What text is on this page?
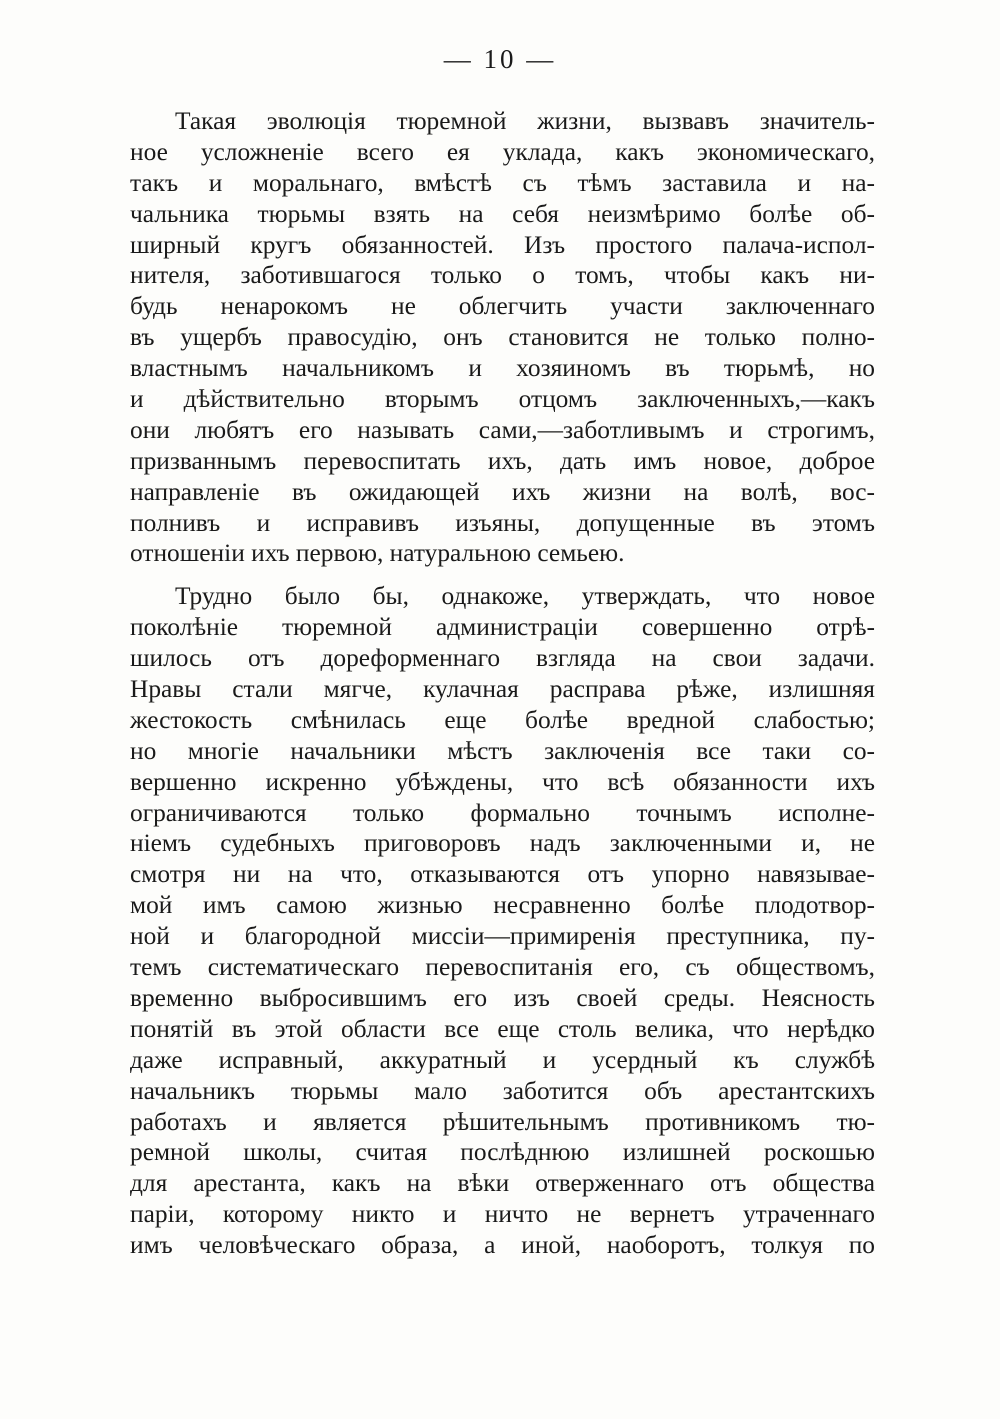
— 10 —

Такая эволюція тюремной жизни, вызвавъ значитель-
ное усложненіе всего ея уклада, какъ экономическаго,
такъ и моральнаго, вмѣстѣ съ тѣмъ заставила и на-
чальника тюрьмы взять на себя неизмѣримо болѣе об-
ширный кругъ обязанностей. Изъ простого палача-испол-
нителя, заботившагося только о томъ, чтобы какъ ни-
будь ненарокомъ не облегчить участи заключеннаго
въ ущербъ правосудію, онъ становится не только полно-
властнымъ начальникомъ и хозяиномъ въ тюрьмѣ, но
и дѣйствительно вторымъ отцомъ заключенныхъ,—какъ
они любятъ его называть сами,—заботливымъ и строгимъ,
призваннымъ перевоспитать ихъ, дать имъ новое, доброе
направленіе въ ожидающей ихъ жизни на волѣ, вос-
полнивъ и исправивъ изъяны, допущенные въ этомъ
отношеніи ихъ первою, натуральною семьею.

Трудно было бы, однакоже, утверждать, что новое
поколѣніе тюремной администраціи совершенно отрѣ-
шилось отъ дореформеннаго взгляда на свои задачи.
Нравы стали мягче, кулачная расправа рѣже, излишняя
жестокость смѣнилась еще болѣе вредной слабостью;
но многіе начальники мѣстъ заключенія все таки со-
вершенно искренно убѣждены, что всѣ обязанности ихъ
ограничиваются только формально точнымъ исполне-
ніемъ судебныхъ приговоровъ надъ заключенными и, не
смотря ни на что, отказываются отъ упорно навязывае-
мой имъ самою жизнью несравненно болѣе плодотвор-
ной и благородной миссіи—примиренія преступника, пу-
темъ систематическаго перевоспитанія его, съ обществомъ,
временно выбросившимъ его изъ своей среды. Неясность
понятій въ этой области все еще столь велика, что нерѣдко
даже исправный, аккуратный и усердный къ службѣ
начальникъ тюрьмы мало заботится объ арестантскихъ
работахъ и является рѣшительнымъ противникомъ тю-
ремной школы, считая послѣднюю излишней роскошью
для арестанта, какъ на вѣки отверженнаго отъ общества
паріи, которому никто и ничто не вернетъ утраченнаго
имъ человѣческаго образа, а иной, наоборотъ, толкуя по
